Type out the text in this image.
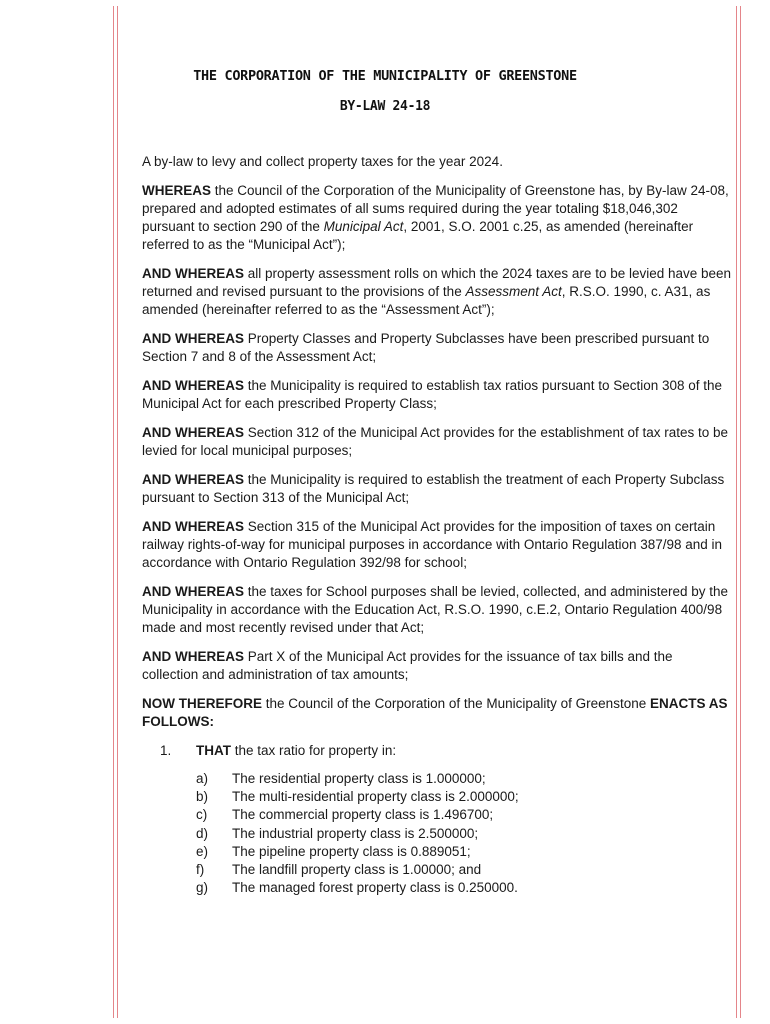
THE CORPORATION OF THE MUNICIPALITY OF GREENSTONE
BY-LAW 24-18

A by-law to levy and collect property taxes for the year 2024.

WHEREAS the Council of the Corporation of the Municipality of Greenstone has, by By-law 24-08, prepared and adopted estimates of all sums required during the year totaling $18,046,302 pursuant to section 290 of the Municipal Act, 2001, S.O. 2001 c.25, as amended (hereinafter referred to as the “Municipal Act”);

AND WHEREAS all property assessment rolls on which the 2024 taxes are to be levied have been returned and revised pursuant to the provisions of the Assessment Act, R.S.O. 1990, c. A31, as amended (hereinafter referred to as the “Assessment Act”);

AND WHEREAS Property Classes and Property Subclasses have been prescribed pursuant to Section 7 and 8 of the Assessment Act;

AND WHEREAS the Municipality is required to establish tax ratios pursuant to Section 308 of the Municipal Act for each prescribed Property Class;

AND WHEREAS Section 312 of the Municipal Act provides for the establishment of tax rates to be levied for local municipal purposes;

AND WHEREAS the Municipality is required to establish the treatment of each Property Subclass pursuant to Section 313 of the Municipal Act;

AND WHEREAS Section 315 of the Municipal Act provides for the imposition of taxes on certain railway rights-of-way for municipal purposes in accordance with Ontario Regulation 387/98 and in accordance with Ontario Regulation 392/98 for school;

AND WHEREAS the taxes for School purposes shall be levied, collected, and administered by the Municipality in accordance with the Education Act, R.S.O. 1990, c.E.2, Ontario Regulation 400/98 made and most recently revised under that Act;

AND WHEREAS Part X of the Municipal Act provides for the issuance of tax bills and the collection and administration of tax amounts;

NOW THEREFORE the Council of the Corporation of the Municipality of Greenstone ENACTS AS FOLLOWS:

1.	THAT the tax ratio for property in:
a)	The residential property class is 1.000000;
b)	The multi-residential property class is 2.000000;
c)	The commercial property class is 1.496700;
d)	The industrial property class is 2.500000;
e)	The pipeline property class is 0.889051;
f)	The landfill property class is 1.00000; and
g)	The managed forest property class is 0.250000.
